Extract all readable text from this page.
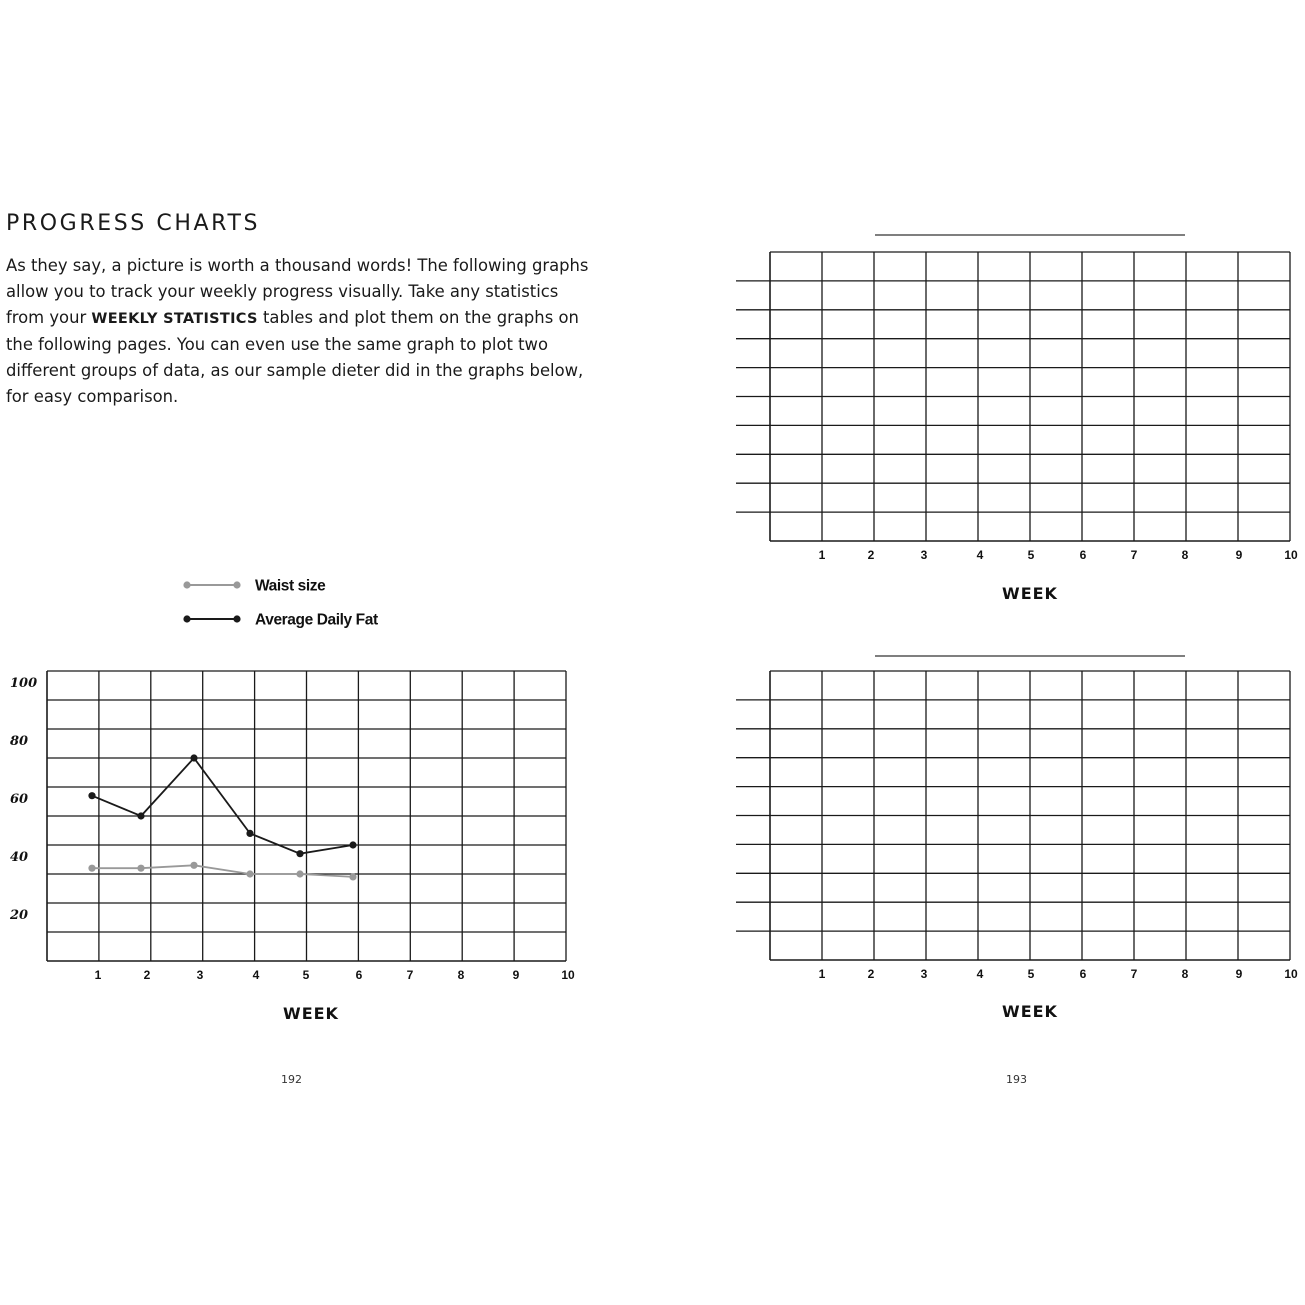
PROGRESS CHARTS

As they say, a picture is worth a thousand words! The following graphs allow you to track your weekly progress visually. Take any statistics from your WEEKLY STATISTICS tables and plot them on the graphs on the following pages. You can even use the same graph to plot two different groups of data, as our sample dieter did in the graphs below, for easy comparison.

1	2	3	4	5	6	7	8	9	10
WEEK
100
80
60
40
20
Waist size
Average Daily Fat
1	2	3	4	5	6	7	8	9	10
WEEK
1	2	3	4	5	6	7	8	9	10
WEEK
192	193
